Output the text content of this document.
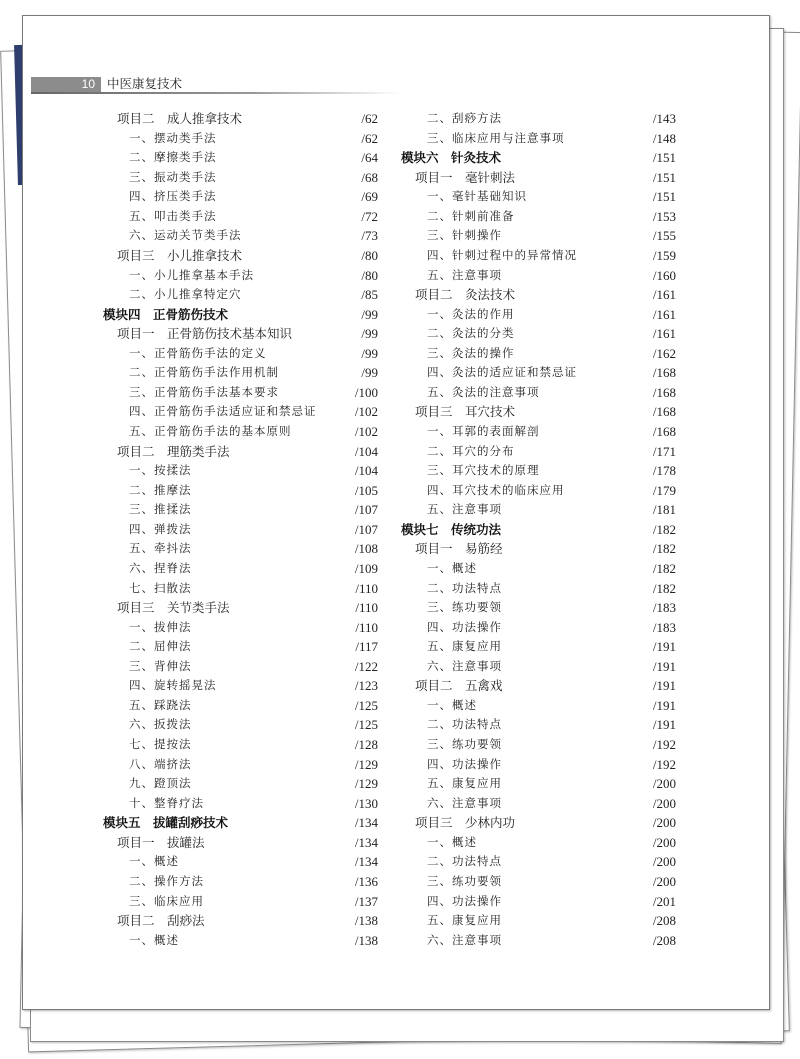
10 中医康复技术
项目二　成人推拿技术	/62
一、摆动类手法	/62
二、摩擦类手法	/64
三、振动类手法	/68
四、挤压类手法	/69
五、叩击类手法	/72
六、运动关节类手法	/73
项目三　小儿推拿技术	/80
一、小儿推拿基本手法	/80
二、小儿推拿特定穴	/85
模块四　正骨筋伤技术	/99
项目一　正骨筋伤技术基本知识	/99
一、正骨筋伤手法的定义	/99
二、正骨筋伤手法作用机制	/99
三、正骨筋伤手法基本要求	/100
四、正骨筋伤手法适应证和禁忌证	/102
五、正骨筋伤手法的基本原则	/102
项目二　理筋类手法	/104
一、按揉法	/104
二、推摩法	/105
三、推揉法	/107
四、弹拨法	/107
五、牵抖法	/108
六、捏脊法	/109
七、扫散法	/110
项目三　关节类手法	/110
一、拔伸法	/110
二、屈伸法	/117
三、背伸法	/122
四、旋转摇晃法	/123
五、踩跷法	/125
六、扳拨法	/125
七、提按法	/128
八、端挤法	/129
九、蹬顶法	/129
十、整脊疗法	/130
模块五　拔罐刮痧技术	/134
项目一　拔罐法	/134
一、概述	/134
二、操作方法	/136
三、临床应用	/137
项目二　刮痧法	/138
一、概述	/138
二、刮痧方法	/143
三、临床应用与注意事项	/148
模块六　针灸技术	/151
项目一　毫针刺法	/151
一、毫针基础知识	/151
二、针刺前准备	/153
三、针刺操作	/155
四、针刺过程中的异常情况	/159
五、注意事项	/160
项目二　灸法技术	/161
一、灸法的作用	/161
二、灸法的分类	/161
三、灸法的操作	/162
四、灸法的适应证和禁忌证	/168
五、灸法的注意事项	/168
项目三　耳穴技术	/168
一、耳郭的表面解剖	/168
二、耳穴的分布	/171
三、耳穴技术的原理	/178
四、耳穴技术的临床应用	/179
五、注意事项	/181
模块七　传统功法	/182
项目一　易筋经	/182
一、概述	/182
二、功法特点	/182
三、练功要领	/183
四、功法操作	/183
五、康复应用	/191
六、注意事项	/191
项目二　五禽戏	/191
一、概述	/191
二、功法特点	/191
三、练功要领	/192
四、功法操作	/192
五、康复应用	/200
六、注意事项	/200
项目三　少林内功	/200
一、概述	/200
二、功法特点	/200
三、练功要领	/200
四、功法操作	/201
五、康复应用	/208
六、注意事项	/208
